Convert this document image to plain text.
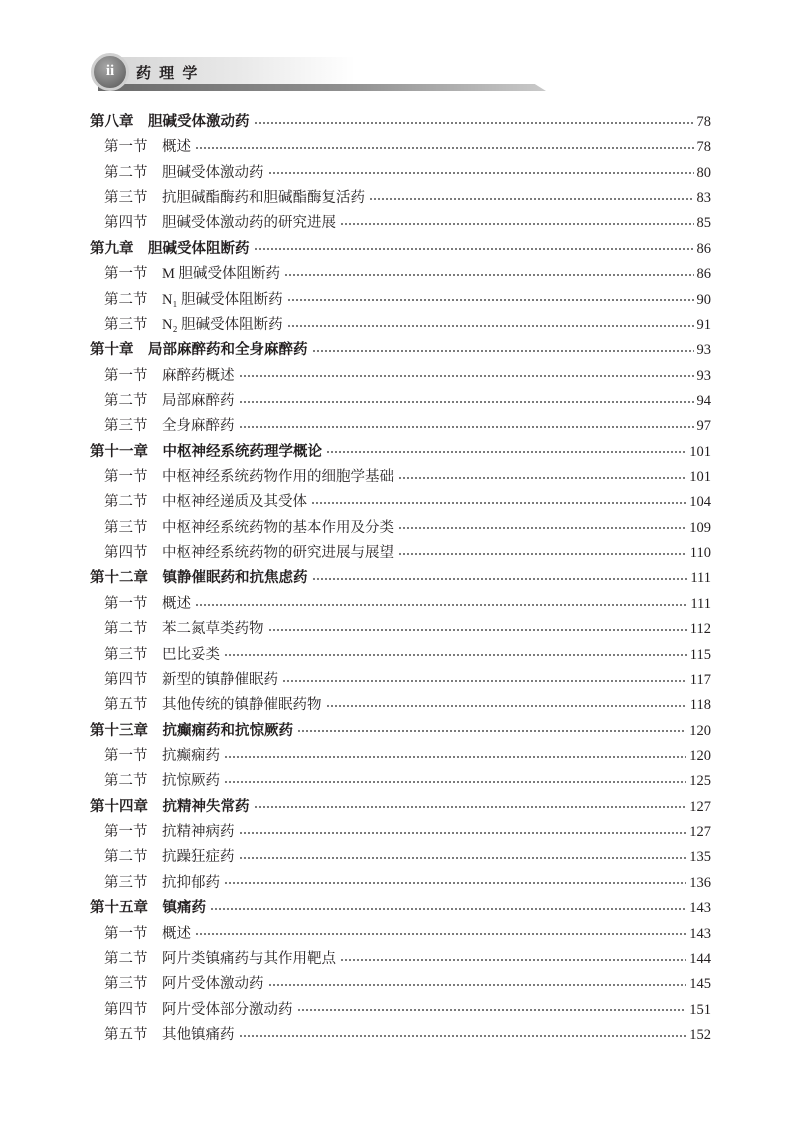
ii	药 理 学
第八章 胆碱受体激动药	78
第一节 概述	78
第二节 胆碱受体激动药	80
第三节 抗胆碱酯酶药和胆碱酯酶复活药	83
第四节 胆碱受体激动药的研究进展	85
第九章 胆碱受体阻断药	86
第一节 M 胆碱受体阻断药	86
第二节 N₁ 胆碱受体阻断药	90
第三节 N₂ 胆碱受体阻断药	91
第十章 局部麻醉药和全身麻醉药	93
第一节 麻醉药概述	93
第二节 局部麻醉药	94
第三节 全身麻醉药	97
第十一章 中枢神经系统药理学概论	101
第一节 中枢神经系统药物作用的细胞学基础	101
第二节 中枢神经递质及其受体	104
第三节 中枢神经系统药物的基本作用及分类	109
第四节 中枢神经系统药物的研究进展与展望	110
第十二章 镇静催眠药和抗焦虑药	111
第一节 概述	111
第二节 苯二氮草类药物	112
第三节 巴比妥类	115
第四节 新型的镇静催眠药	117
第五节 其他传统的镇静催眠药物	118
第十三章 抗癫痫药和抗惊厥药	120
第一节 抗癫痫药	120
第二节 抗惊厥药	125
第十四章 抗精神失常药	127
第一节 抗精神病药	127
第二节 抗躁狂症药	135
第三节 抗抑郁药	136
第十五章 镇痛药	143
第一节 概述	143
第二节 阿片类镇痛药与其作用靶点	144
第三节 阿片受体激动药	145
第四节 阿片受体部分激动药	151
第五节 其他镇痛药	152
